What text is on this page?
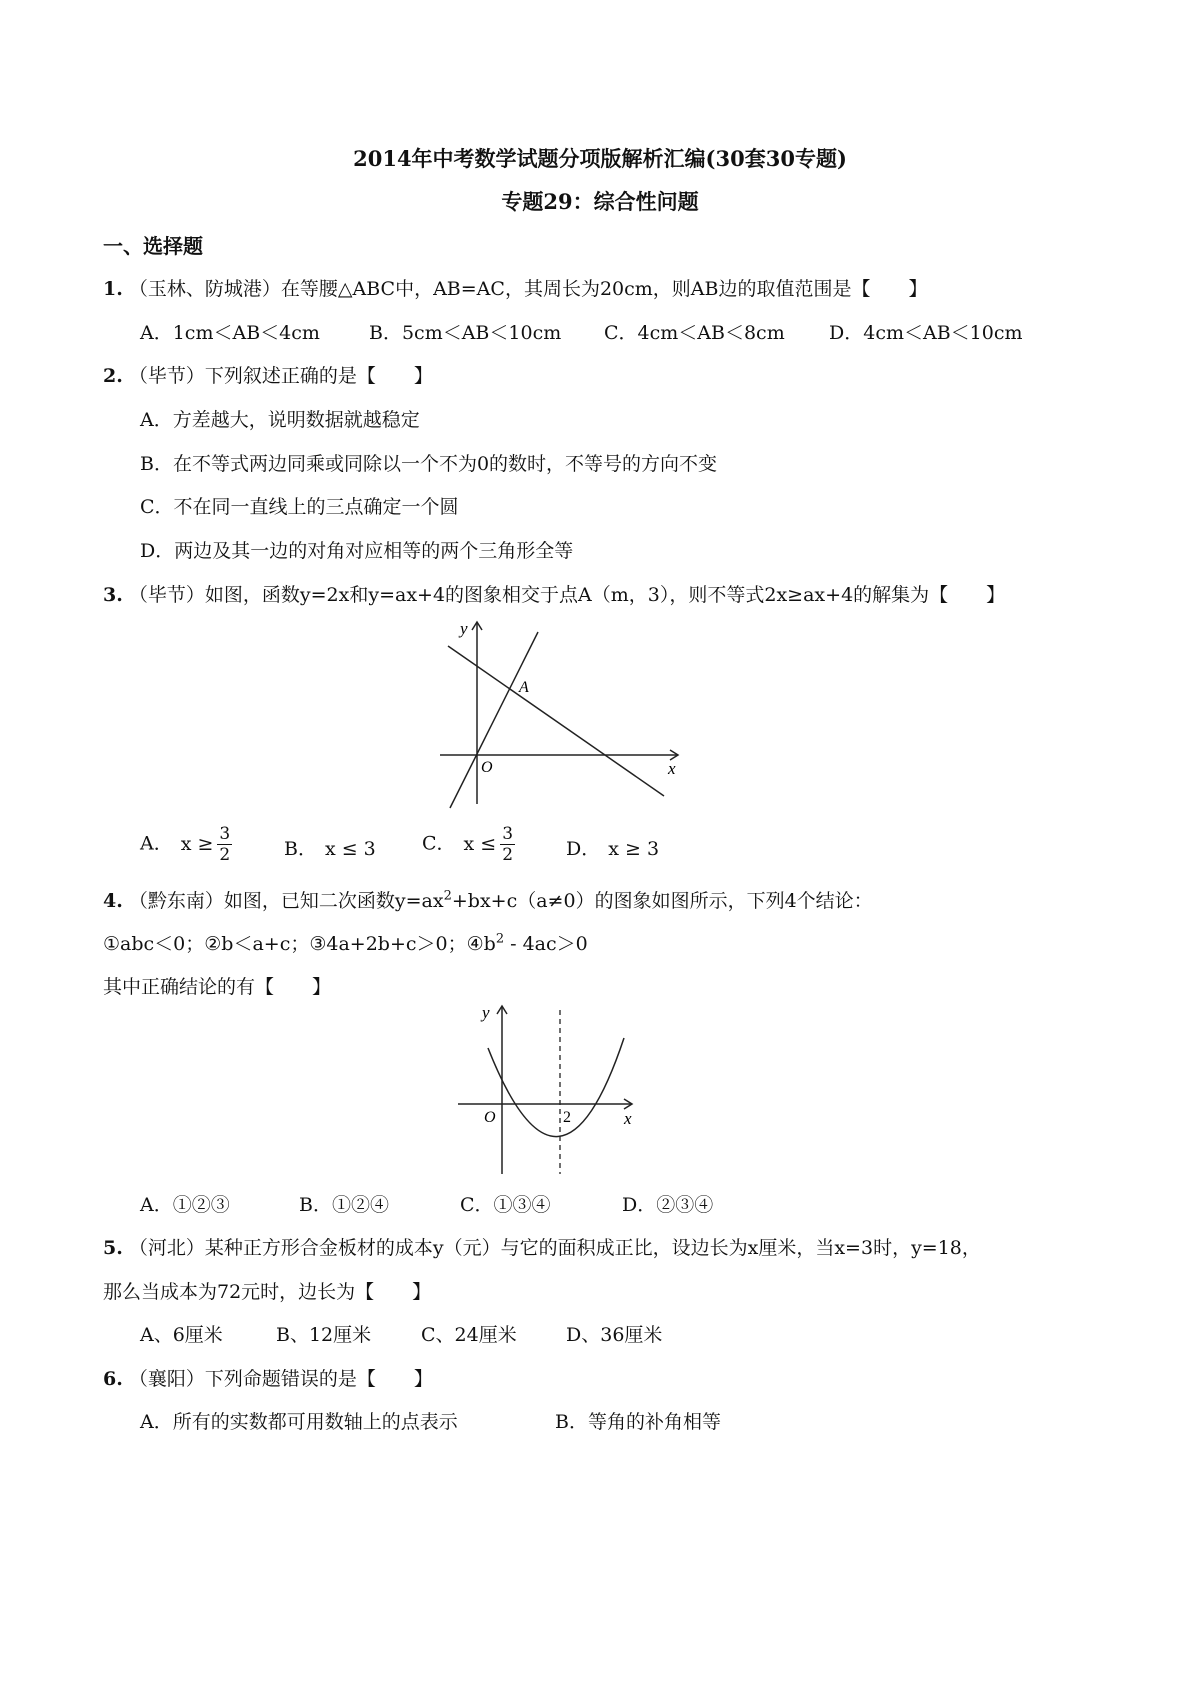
2014年中考数学试题分项版解析汇编(30套30专题)
专题29：综合性问题
一、选择题
1. （玉林、防城港）在等腰△ABC中，AB=AC，其周长为20cm，则AB边的取值范围是【　　】
A．1cm＜AB＜4cm	B．5cm＜AB＜10cm C．4cm＜AB＜8cm D．4cm＜AB＜10cm
2. （毕节）下列叙述正确的是【　　】
A．方差越大，说明数据就越稳定
B．在不等式两边同乘或同除以一个不为0的数时，不等号的方向不变
C．不在同一直线上的三点确定一个圆
D．两边及其一边的对角对应相等的两个三角形全等
3. （毕节）如图，函数y=2x和y=ax+4的图象相交于点A（m，3），则不等式2x≥ax+4的解集为【　　】
y
x
O
A
A． $x \ge \frac{3}{2}$	B． x ≤ 3 C． $x \le \frac{3}{2}$	D． x ≥ 3
4. （黔东南）如图，已知二次函数$y=ax^2+bx+c(a\ne 0)$的图象如图所示，下列4个结论：
①abc＜0；②b＜a+c；③4a+2b+c＞0；$④b^2 - 4ac>0$
其中正确结论的有【　　】
y
x
O	2
A．①②③	B．①②④	C．①③④	D．②③④
5. （河北）某种正方形合金板材的成本y（元）与它的面积成正比，设边长为x厘米，当x=3时，y=18，
那么当成本为72元时，边长为【　　】
A、6厘米	B、12厘米	C、24厘米	D、36厘米
6. （襄阳）下列命题错误的是【　　】
A．所有的实数都可用数轴上的点表示	B．等角的补角相等
